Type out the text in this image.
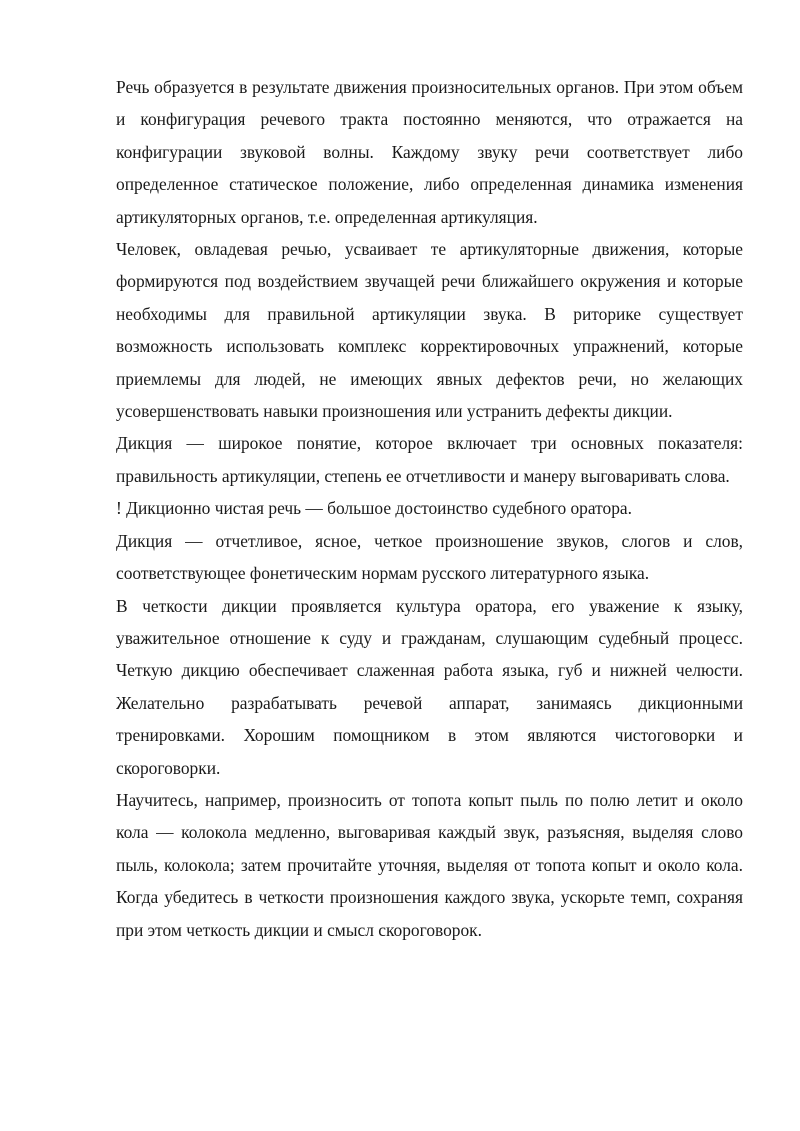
Речь образуется в результате движения произносительных органов. При этом объем и конфигурация речевого тракта постоянно меняются, что отражается на конфигурации звуковой волны. Каждому звуку речи соответствует либо определенное статическое положение, либо определенная динамика изменения артикуляторных органов, т.е. определенная артикуляция.

Человек, овладевая речью, усваивает те артикуляторные движения, которые формируются под воздействием звучащей речи ближайшего окружения и которые необходимы для правильной артикуляции звука. В риторике существует возможность использовать комплекс корректировочных упражнений, которые приемлемы для людей, не имеющих явных дефектов речи, но желающих усовершенствовать навыки произношения или устранить дефекты дикции.

Дикция — широкое понятие, которое включает три основных показателя: правильность артикуляции, степень ее отчетливости и манеру выговаривать слова.

! Дикционно чистая речь — большое достоинство судебного оратора.

Дикция — отчетливое, ясное, четкое произношение звуков, слогов и слов, соответствующее фонетическим нормам русского литературного языка.

В четкости дикции проявляется культура оратора, его уважение к языку, уважительное отношение к суду и гражданам, слушающим судебный процесс. Четкую дикцию обеспечивает слаженная работа языка, губ и нижней челюсти. Желательно разрабатывать речевой аппарат, занимаясь дикционными тренировками. Хорошим помощником в этом являются чистоговорки и скороговорки.

Научитесь, например, произносить от топота копыт пыль по полю летит и около кола — колокола медленно, выговаривая каждый звук, разъясняя, выделяя слово пыль, колокола; затем прочитайте уточняя, выделяя от топота копыт и около кола. Когда убедитесь в четкости произношения каждого звука, ускорьте темп, сохраняя при этом четкость дикции и смысл скороговорок.
